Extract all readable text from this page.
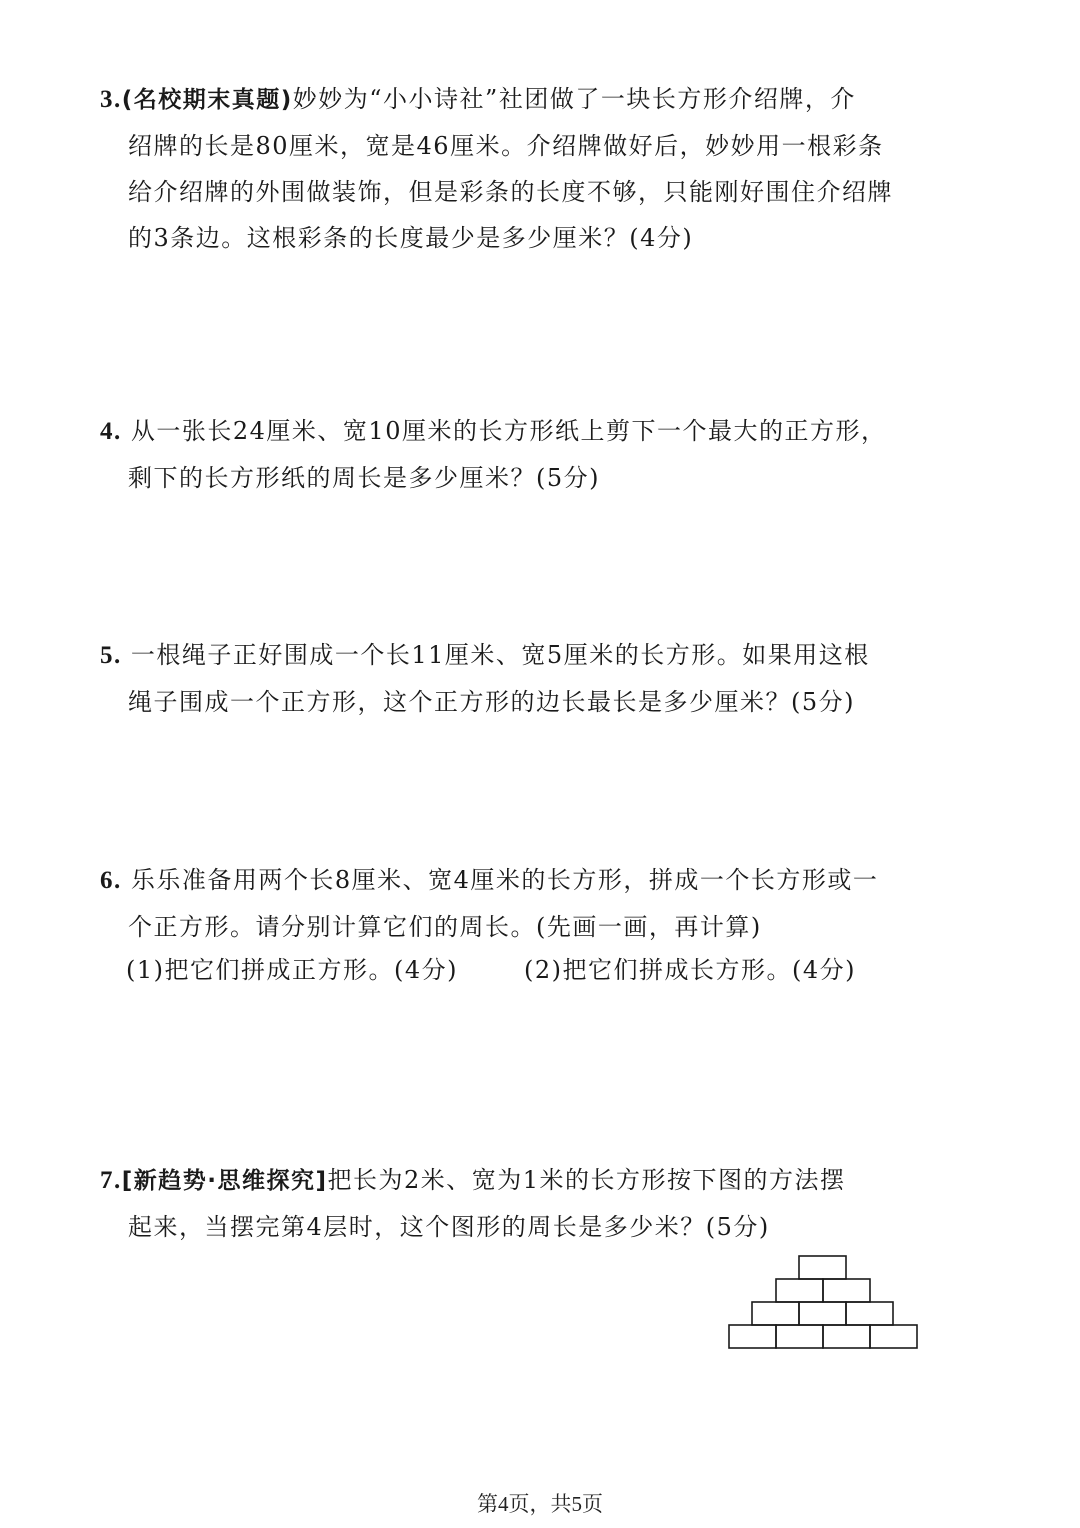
3.(名校期末真题)妙妙为“小小诗社”社团做了一块长方形介绍牌，介
绍牌的长是80厘米，宽是46厘米。介绍牌做好后，妙妙用一根彩条
给介绍牌的外围做装饰，但是彩条的长度不够，只能刚好围住介绍牌
的3条边。这根彩条的长度最少是多少厘米？(4分)
4. 从一张长24厘米、宽10厘米的长方形纸上剪下一个最大的正方形，
剩下的长方形纸的周长是多少厘米？(5分)
5. 一根绳子正好围成一个长11厘米、宽5厘米的长方形。如果用这根
绳子围成一个正方形，这个正方形的边长最长是多少厘米？(5分)
6. 乐乐准备用两个长8厘米、宽4厘米的长方形，拼成一个长方形或一
个正方形。请分别计算它们的周长。(先画一画，再计算)
(1)把它们拼成正方形。(4分)	(2)把它们拼成长方形。(4分)
7.[新趋势·思维探究]把长为2米、宽为1米的长方形按下图的方法摆
起来，当摆完第4层时，这个图形的周长是多少米？(5分)
第4页，共5页
